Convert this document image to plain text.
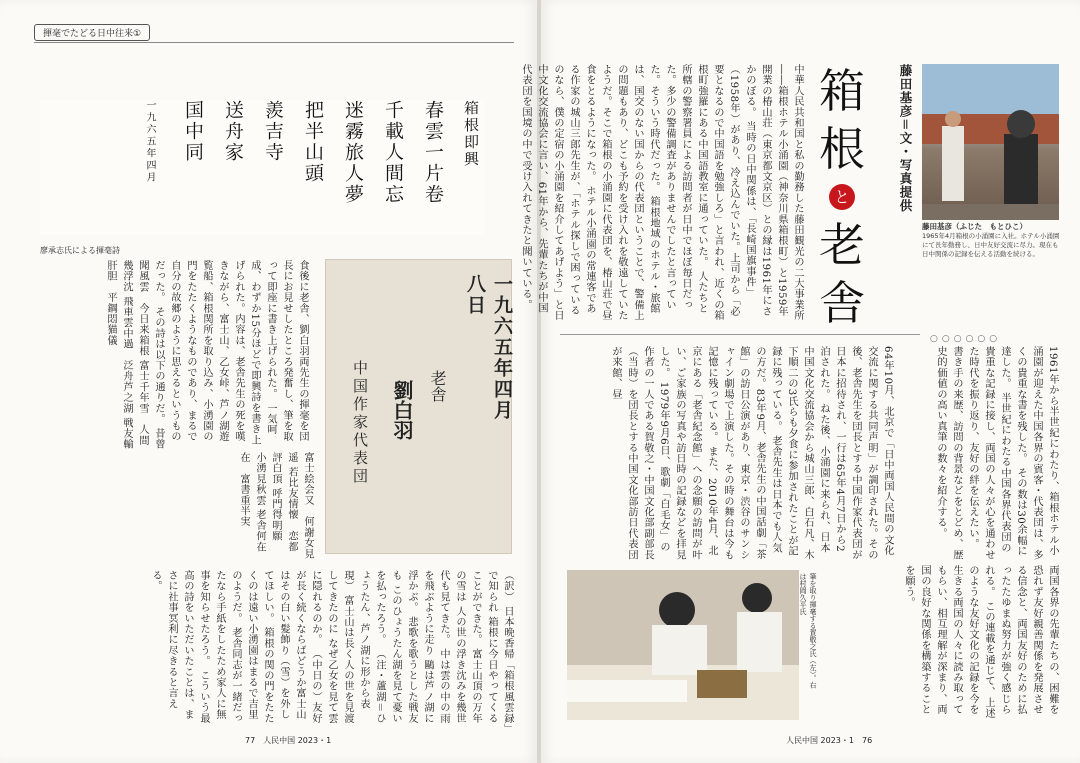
揮毫でたどる日中往来①
箱根即興
春雲一片卷
千載人間忘
迷霧旅人夢
把半山頭
羨吉寺
送舟家
国中同
一九六五年四月
廖承志氏による揮毫詩
一九六五年四月八日
老舎
劉白羽
中国作家代表団
食後に老舎、劉白羽両先生の揮毫を団長にお見せしたところ発奮し、筆を取って即座に書き上げられた。 一気呵成、わずか15分ほどで即興詩を書き上げられた。内容は、老舎先生の死を嘆きながら、富士山、乙女峠、芦ノ湖遊覧船、箱根関所を取り込み、小湧園の門をたたくようなものであり、まるで自分の故郷のように思えるというものだった。 その詩は以下の通りだ。 昔曾聞風雲　今日来箱根 富士千年雪　人間幾浮沈 飛車雲中過　泛舟芦之湖 戦友輸肝胆　平鋼悶猫儀
富士絵会又　何謝女見遥 若比友情懐　恋都評白頂 呼門得明願　小湧見秋雲 老舎何在在　富書重半実
（訳） 日本晩香帰「箱根風雲録」で知られ 箱根に今日やってくることができた。 富士山頂の万年の雪は 人の世の浮き沈みを幾世代も見てきた。 中は雲の中の雨を飛ぶように走り 鷗は芦ノ湖に浮かぶ。 悲歌を歌うとした戦友も このひょうたん湖を見て憂いを払ったろう。 （注・蘆湖＝ひょうたん、芦ノ湖に形から表現） 富士山は長く人の世を見渡してきたのに なぜ乙女を見て雲に隠れるのか。 （中日の）友好が長く続くならばどうか富士山はその白い髪飾り（雪）を外してほしい。 箱根の関の門をたたくのは遠い小湧園はまるで吉里のようだ。 老舎同志が一緒だったなら手紙をしたため家人に無事を知らせたろう。 こういう最高の詩をいただいたことは、まさに社事冥利に尽きると言える。
77　人民中国 2023・1
中華人民共和国と私の勤務した藤田観光の二大事業所――箱根ホテル小涌園（神奈川県箱根町）と1959年開業の椿山荘（東京都文京区）との縁は1961年にさかのぼる。 当時の日中関係は、「長崎国旗事件」（1958年）があり、冷え込んでいた。上司から「必要となるので中国語を勉強しろ」と言われ、近くの箱根町強羅にある中国語教室に通っていた。 人たちと所轄の警察署員による訪問者が日中でほぼ毎日だった。多少の警備調査がありませんでしたと言っていた。そういう時代だった。 箱根地域のホテル・旅館は、国交のない国からの代表団ということで、警備上の問題もあり、どこも予約を受け入れを敬遠していたようだ。そこで箱根の小涌園に代表団を、椿山荘で昼食をとるようになった。 ホテル小涌園の常連客である作家の城山三郎先生が、「ホテル探しで困っているのなら、僕の定宿の小涌園を紹介してあげよう」と日中文化交流協会に言い、61年から、先輩たちが中国代表団を国境の中で受け入れてきたと聞いている。	箱
根
と
老
舎
藤田基彦＝文・写真提供
藤田基彦（ふじた　もとひこ）
1965年4月箱根の小涌園に入社。ホテル小涌園にて長年勤務し、日中友好交流に尽力。現在も日中関係の記録を伝える活動を続ける。
○○○○○○
1961年から半世紀にわたり、箱根ホテル小涌園が迎えた中国各界の賓客・代表団は、多くの貴重な書を残した。 その数は30余幅に達した。 半世紀にわたる中国各界代表団の貴重な記録に接し、両国の人々が心を通わせた時代を振り返り、友好の絆を伝えたい。 書き手の来歴、訪問の背景などをとどめ、歴史的価値の高い真筆の数々を紹介する。
両国各界の先輩たちの、困難を恐れず友好親善関係を発展させる信念と、両国友好のために払ったたゆまぬ努力が強く感じられる。 この連載を通じて、上述のような友好文化の記録を今を生きる両国の人々に読み取ってもらい、相互理解が深まり、両国の良好な関係を構築することを願う。
64年10月、北京で「日中両国人民間の文化交流に関する共同声明」が調印された。その後、老舎先生を団長とする中国作家代表団が日本に招待され、一行は65年4月7日から2泊された。 ねた後、小涌園に来られ、日本中国文化交流協会から城山三郎、白石凡、木下順二の3氏らも夕食に参加されたことが記録に残っている。 老舎先生は日本でも人気の方だ。83年9月、老舎先生の中国話劇「茶館」の訪日公演があり、東京・渋谷のサンシャイン劇場で上演した。その時の舞台は今も記憶に残っている。 また、2010年4月、北京にある「老舎紀念館」への念願の訪問が叶い、ご家族の写真や訪日時の記録などを拝見した。 1979年9月6日、歌劇「白毛女」の作者の一人である賀敬之・中国文化部副部長（当時）を団長とする中国文化部訪日代表団が来館、昼
筆を取り揮毫する賀敬之氏（左）。右は村岡久平氏
人民中国 2023・1　76
